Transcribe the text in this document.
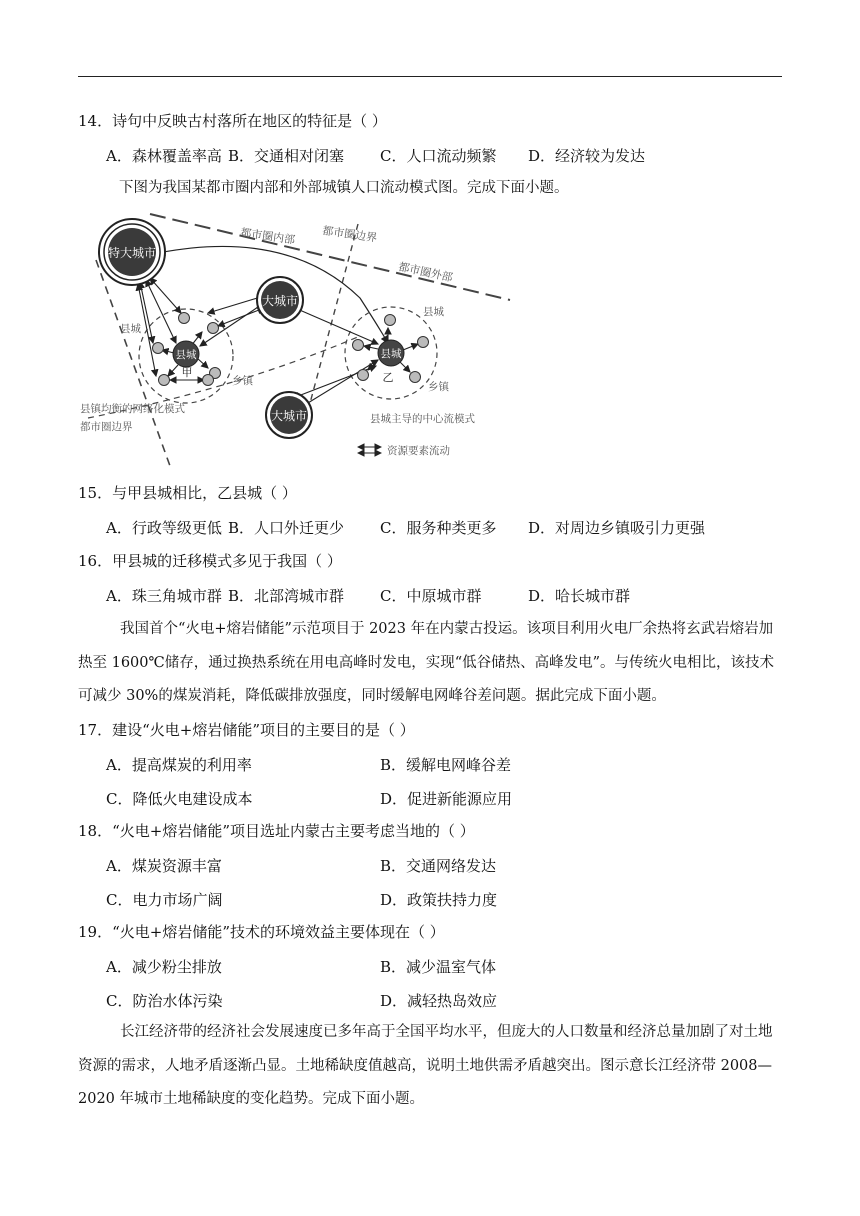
14．诗句中反映古村落所在地区的特征是（ ）
A．森林覆盖率高 B．交通相对闭塞 C．人口流动频繁 D．经济较为发达
下图为我国某都市圈内部和外部城镇人口流动模式图。完成下面小题。
特大城市
大城市
大城市
县城
甲
县城
乙
都市圈内部 都市圈边界
都市圈外部
县城
乡镇
县城
乡镇
县镇均衡的网络化模式
都市圈边界
县城主导的中心流模式
资源要素流动
15．与甲县城相比，乙县城（ ）
A．行政等级更低 B．人口外迁更少 C．服务种类更多 D．对周边乡镇吸引力更强
16．甲县城的迁移模式多见于我国（ ）
A．珠三角城市群 B．北部湾城市群 C．中原城市群	D．哈长城市群
我国首个“火电+熔岩储能”示范项目于 2023 年在内蒙古投运。该项目利用火电厂余热将玄武岩熔岩加热至 1600℃储存，通过换热系统在用电高峰时发电，实现“低谷储热、高峰发电”。与传统火电相比，该技术可减少 30%的煤炭消耗，降低碳排放强度，同时缓解电网峰谷差问题。据此完成下面小题。
17．建设“火电+熔岩储能”项目的主要目的是（ ）
A．提高煤炭的利用率	B．缓解电网峰谷差
C．降低火电建设成本	D．促进新能源应用
18．“火电+熔岩储能”项目选址内蒙古主要考虑当地的（ ）
A．煤炭资源丰富	B．交通网络发达
C．电力市场广阔	D．政策扶持力度
19．“火电+熔岩储能”技术的环境效益主要体现在（ ）
A．减少粉尘排放	B．减少温室气体
C．防治水体污染	D．减轻热岛效应
长江经济带的经济社会发展速度已多年高于全国平均水平，但庞大的人口数量和经济总量加剧了对土地资源的需求，人地矛盾逐渐凸显。土地稀缺度值越高，说明土地供需矛盾越突出。图示意长江经济带 2008—2020 年城市土地稀缺度的变化趋势。完成下面小题。
